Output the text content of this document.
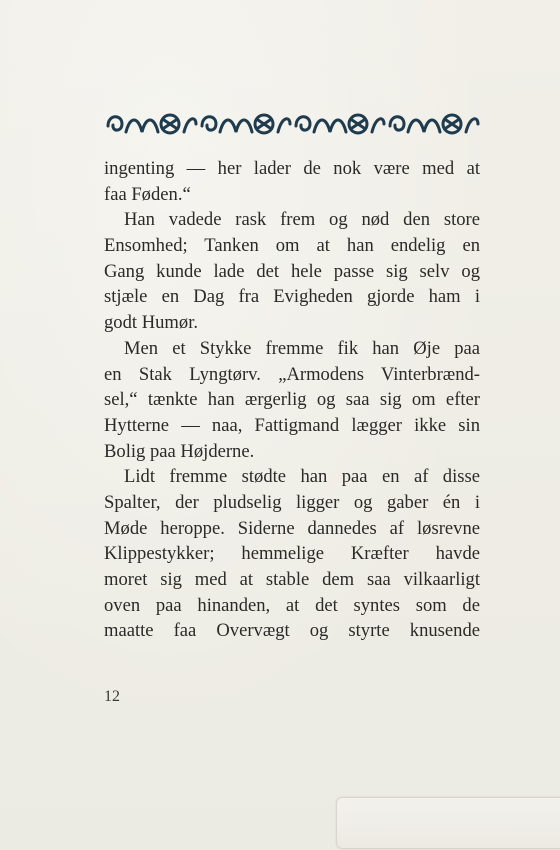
ingenting — her lader de nok være med at
faa Føden.“
Han vadede rask frem og nød den store
Ensomhed; Tanken om at han endelig en
Gang kunde lade det hele passe sig selv og
stjæle en Dag fra Evigheden gjorde ham i
godt Humør.
Men et Stykke fremme fik han Øje paa
en Stak Lyngtørv. „Armodens Vinterbrænd-
sel,“ tænkte han ærgerlig og saa sig om efter
Hytterne — naa, Fattigmand lægger ikke sin
Bolig paa Højderne.
Lidt fremme stødte han paa en af disse
Spalter, der pludselig ligger og gaber én i
Møde heroppe. Siderne dannedes af løsrevne
Klippestykker; hemmelige Kræfter havde
moret sig med at stable dem saa vilkaarligt
oven paa hinanden, at det syntes som de
maatte faa Overvægt og styrte knusende
12
